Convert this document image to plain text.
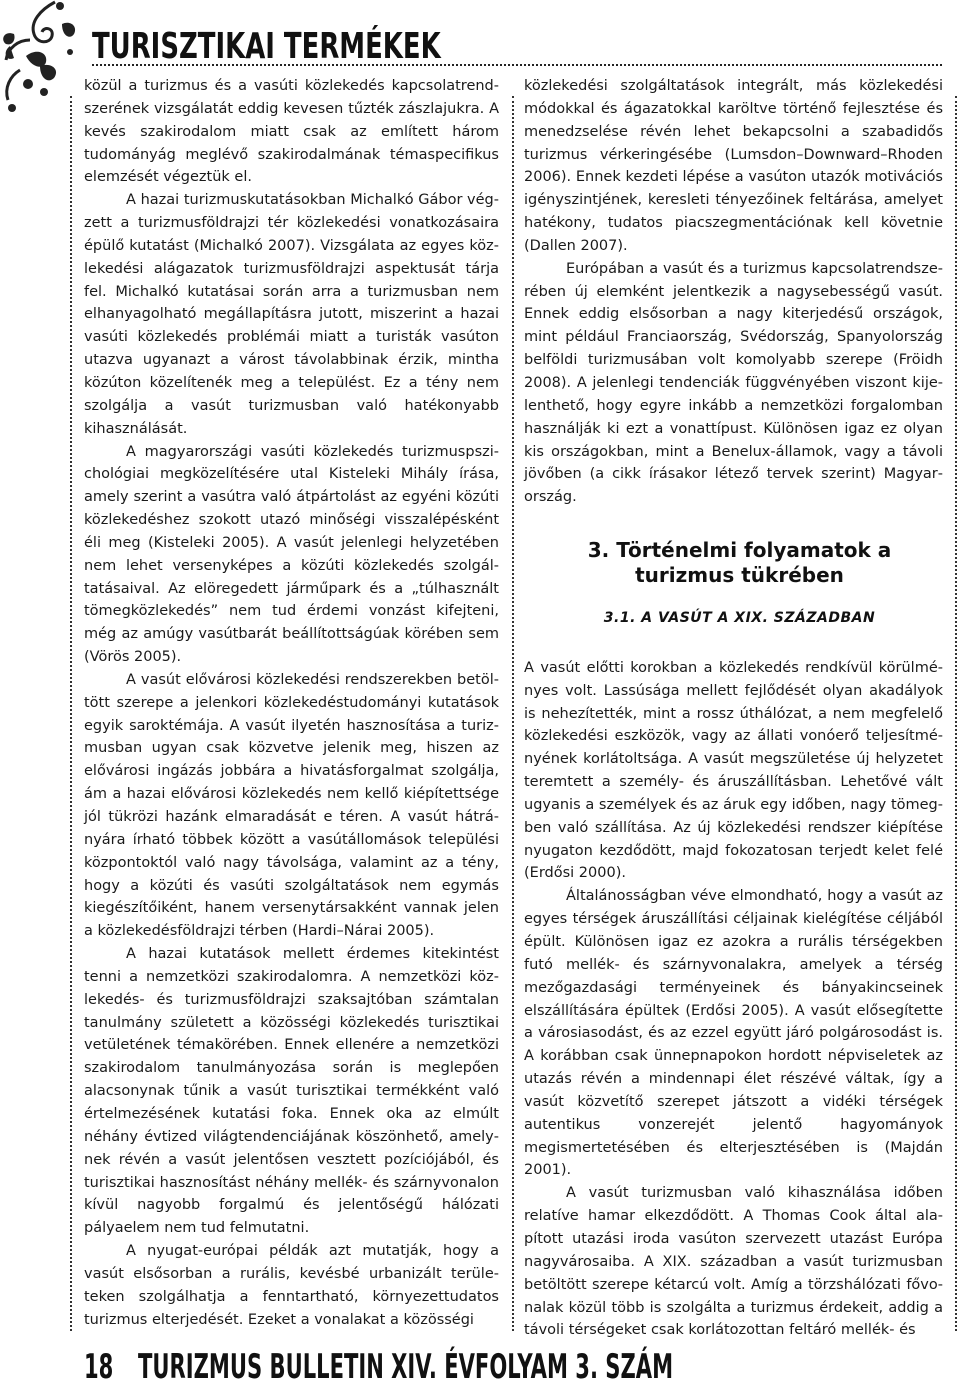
TURISZTIKAI TERMÉKEK

közül a turizmus és a vasúti közlekedés kapcsolatrendszerének vizsgálatát eddig kevesen tűzték zászlajukra. A kevés szakirodalom miatt csak az említett három tudományág meglévő szakirodalmának témaspecifikus elemzését végeztük el.

A hazai turizmuskutatásokban Michalkó Gábor végzett a turizmusföldrajzi tér közlekedési vonatkozásaira épülő kutatást (Michalkó 2007). Vizsgálata az egyes közlekedési alágazatok turizmusföldrajzi aspektusát tárja fel. Michalkó kutatásai során arra a turizmusban nem elhanyagolható megállapításra jutott, miszerint a hazai vasúti közlekedés problémái miatt a turisták vasúton utazva ugyanazt a várost távolabbinak érzik, mintha közúton közelítenék meg a települést. Ez a tény nem szolgálja a vasút turizmusban való hatékonyabb kihasználását.

A magyarországi vasúti közlekedés turizmuspszichológiai megközelítésére utal Kisteleki Mihály írása, amely szerint a vasútra való átpártolást az egyéni közúti közlekedéshez szokott utazó minőségi visszalépésként éli meg (Kisteleki 2005). A vasút jelenlegi helyzetében nem lehet versenyképes a közúti közlekedés szolgáltatásaival. Az elöregedett járműpark és a „túlhasznált tömegközlekedés” nem tud érdemi vonzást kifejteni, még az amúgy vasútbarát beállítottságúak körében sem (Vörös 2005).

A vasút elővárosi közlekedési rendszerekben betöltött szerepe a jelenkori közlekedéstudományi kutatások egyik saroktémája. A vasút ilyetén hasznosítása a turizmusban ugyan csak közvetve jelenik meg, hiszen az elővárosi ingázás jobbára a hivatásforgalmat szolgálja, ám a hazai elővárosi közlekedés nem kellő kiépítettsége jól tükrözi hazánk elmaradását e téren. A vasút hátrányára írható többek között a vasútállomások települési központoktól való nagy távolsága, valamint az a tény, hogy a közúti és vasúti szolgáltatások nem egymás kiegészítőiként, hanem versenytársakként vannak jelen a közlekedésföldrajzi térben (Hardi–Nárai 2005).

A hazai kutatások mellett érdemes kitekintést tenni a nemzetközi szakirodalomra. A nemzetközi közlekedés- és turizmusföldrajzi szaksajtóban számtalan tanulmány született a közösségi közlekedés turisztikai vetületének témakörében. Ennek ellenére a nemzetközi szakirodalom tanulmányozása során is meglepően alacsonynak tűnik a vasút turisztikai termékként való értelmezésének kutatási foka. Ennek oka az elmúlt néhány évtized világtendenciájának köszönhető, amelynek révén a vasút jelentősen vesztett pozíciójából, és turisztikai hasznosítást néhány mellék- és szárnyvonalon kívül nagyobb forgalmú és jelentőségű hálózati pályaelem nem tud felmutatni.

A nyugat-európai példák azt mutatják, hogy a vasút elsősorban a rurális, kevésbé urbanizált területeken szolgálhatja a fenntartható, környezettudatos turizmus elterjedését. Ezeket a vonalakat a közösségi

közlekedési szolgáltatások integrált, más közlekedési módokkal és ágazatokkal karöltve történő fejlesztése és menedzselése révén lehet bekapcsolni a szabadidős turizmus vérkeringésébe (Lumsdon–Downward–Rhoden 2006). Ennek kezdeti lépése a vasúton utazók motivációs igényszintjének, keresleti tényezőinek feltárása, amelyet hatékony, tudatos piacszegmentációnak kell követnie (Dallen 2007).

Európában a vasút és a turizmus kapcsolatrendszerében új elemként jelentkezik a nagysebességű vasút. Ennek eddig elsősorban a nagy kiterjedésű országok, mint például Franciaország, Svédország, Spanyolország belföldi turizmusában volt komolyabb szerepe (Fröidh 2008). A jelenlegi tendenciák függvényében viszont kijelenthető, hogy egyre inkább a nemzetközi forgalomban használják ki ezt a vonattípust. Különösen igaz ez olyan kis országokban, mint a Benelux-államok, vagy a távoli jövőben (a cikk írásakor létező tervek szerint) Magyarország.

3. Történelmi folyamatok a turizmus tükrében
3.1. A VASÚT A XIX. SZÁZADBAN

A vasút előtti korokban a közlekedés rendkívül körülményes volt. Lassúsága mellett fejlődését olyan akadályok is nehezítették, mint a rossz úthálózat, a nem megfelelő közlekedési eszközök, vagy az állati vonóerő teljesítményének korlátoltsága. A vasút megszületése új helyzetet teremtett a személy- és áruszállításban. Lehetővé vált ugyanis a személyek és az áruk egy időben, nagy tömegben való szállítása. Az új közlekedési rendszer kiépítése nyugaton kezdődött, majd fokozatosan terjedt kelet felé (Erdősi 2000).

Általánosságban véve elmondható, hogy a vasút az egyes térségek áruszállítási céljainak kielégítése céljából épült. Különösen igaz ez azokra a rurális térségekben futó mellék- és szárnyvonalakra, amelyek a térség mezőgazdasági terményeinek és bányakincseinek elszállítására épültek (Erdősi 2005). A vasút elősegítette a városiasodást, és az ezzel együtt járó polgárosodást is. A korábban csak ünnepnapokon hordott népviseletek az utazás révén a mindennapi élet részévé váltak, így a vasút közvetítő szerepet játszott a vidéki térségek autentikus vonzerejét jelentő hagyományok megismertetésében és elterjesztésében is (Majdán 2001).

A vasút turizmusban való kihasználása időben relatíve hamar elkezdődött. A Thomas Cook által alapított utazási iroda vasúton szervezett utazást Európa nagyvárosaiba. A XIX. században a vasút turizmusban betöltött szerepe kétarcú volt. Amíg a törzshálózati fővonalak közül több is szolgálta a turizmus érdekeit, addig a távoli térségeket csak korlátozottan feltáró mellék- és

18 TURIZMUS BULLETIN XIV. ÉVFOLYAM 3. SZÁM
